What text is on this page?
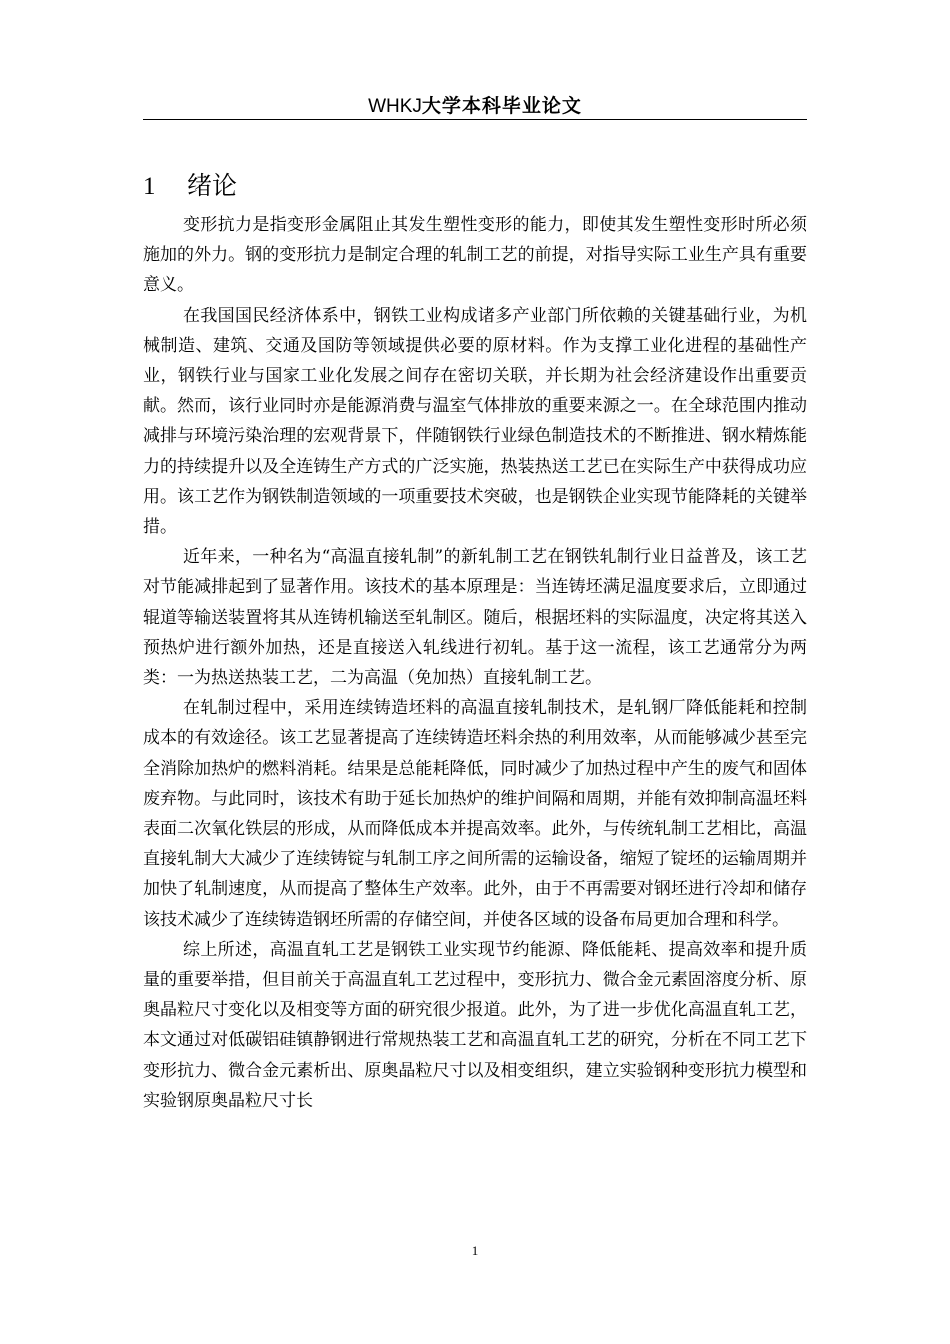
WHKJ大学本科毕业论文
1 绪论

变形抗力是指变形金属阻止其发生塑性变形的能力，即使其发生塑性变形时所必须施加的外力。钢的变形抗力是制定合理的轧制工艺的前提，对指导实际工业生产具有重要意义。

在我国国民经济体系中，钢铁工业构成诸多产业部门所依赖的关键基础行业，为机械制造、建筑、交通及国防等领域提供必要的原材料。作为支撑工业化进程的基础性产业，钢铁行业与国家工业化发展之间存在密切关联，并长期为社会经济建设作出重要贡献。然而，该行业同时亦是能源消费与温室气体排放的重要来源之一。在全球范围内推动减排与环境污染治理的宏观背景下，伴随钢铁行业绿色制造技术的不断推进、钢水精炼能力的持续提升以及全连铸生产方式的广泛实施，热装热送工艺已在实际生产中获得成功应用。该工艺作为钢铁制造领域的一项重要技术突破，也是钢铁企业实现节能降耗的关键举措。

近年来，一种名为“高温直接轧制”的新轧制工艺在钢铁轧制行业日益普及，该工艺对节能减排起到了显著作用。该技术的基本原理是：当连铸坯满足温度要求后，立即通过辊道等输送装置将其从连铸机输送至轧制区。随后，根据坯料的实际温度，决定将其送入预热炉进行额外加热，还是直接送入轧线进行初轧。基于这一流程，该工艺通常分为两类：一为热送热装工艺，二为高温（免加热）直接轧制工艺。

在轧制过程中，采用连续铸造坯料的高温直接轧制技术，是轧钢厂降低能耗和控制成本的有效途径。该工艺显著提高了连续铸造坯料余热的利用效率，从而能够减少甚至完全消除加热炉的燃料消耗。结果是总能耗降低，同时减少了加热过程中产生的废气和固体废弃物。与此同时，该技术有助于延长加热炉的维护间隔和周期，并能有效抑制高温坯料表面二次氧化铁层的形成，从而降低成本并提高效率。此外，与传统轧制工艺相比，高温直接轧制大大减少了连续铸锭与轧制工序之间所需的运输设备，缩短了锭坯的运输周期并加快了轧制速度，从而提高了整体生产效率。此外，由于不再需要对钢坯进行冷却和储存该技术减少了连续铸造钢坯所需的存储空间，并使各区域的设备布局更加合理和科学。

综上所述，高温直轧工艺是钢铁工业实现节约能源、降低能耗、提高效率和提升质量的重要举措，但目前关于高温直轧工艺过程中，变形抗力、微合金元素固溶度分析、原奥晶粒尺寸变化以及相变等方面的研究很少报道。此外，为了进一步优化高温直轧工艺，本文通过对低碳铝硅镇静钢进行常规热装工艺和高温直轧工艺的研究，分析在不同工艺下变形抗力、微合金元素析出、原奥晶粒尺寸以及相变组织，建立实验钢种变形抗力模型和实验钢原奥晶粒尺寸长

1
